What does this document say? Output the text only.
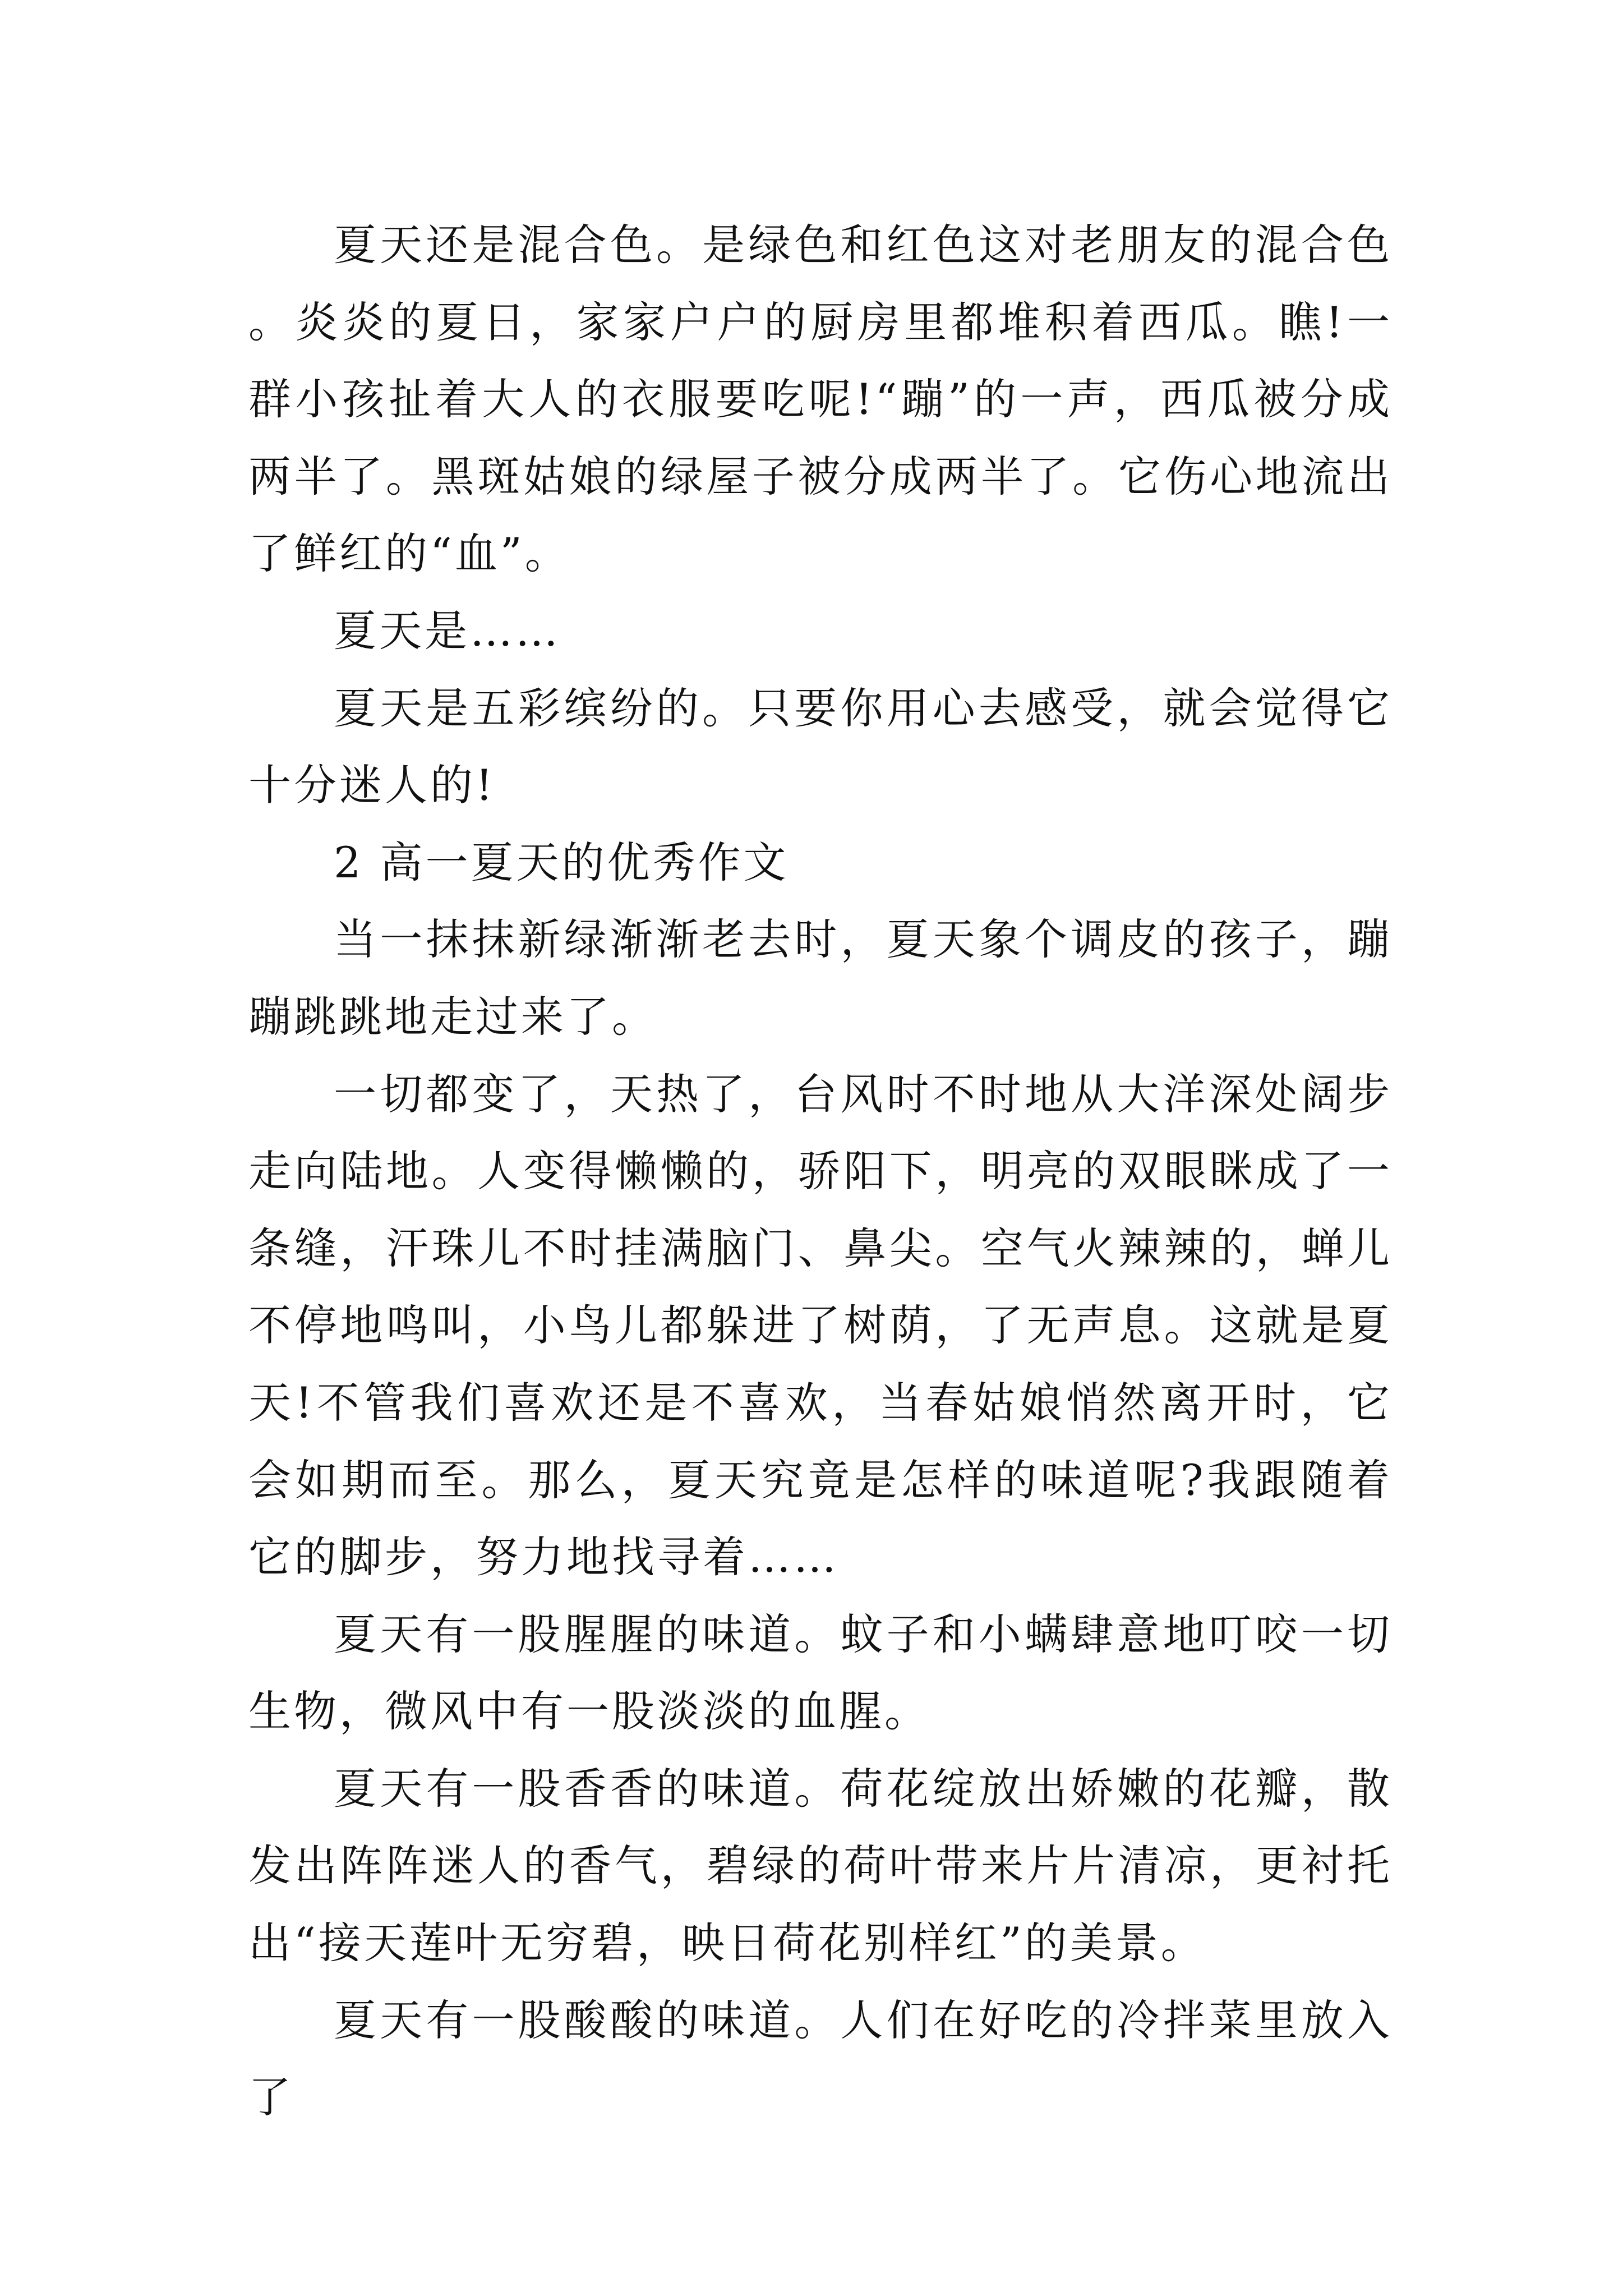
夏天还是混合色。是绿色和红色这对老朋友的混合色。炎炎的夏日，家家户户的厨房里都堆积着西瓜。瞧!一群小孩扯着大人的衣服要吃呢!“蹦”的一声，西瓜被分成两半了。黑斑姑娘的绿屋子被分成两半了。它伤心地流出了鲜红的“血”。

夏天是……

夏天是五彩缤纷的。只要你用心去感受，就会觉得它十分迷人的!

2 高一夏天的优秀作文

当一抹抹新绿渐渐老去时，夏天象个调皮的孩子，蹦蹦跳跳地走过来了。

一切都变了，天热了，台风时不时地从大洋深处阔步走向陆地。人变得懒懒的，骄阳下，明亮的双眼眯成了一条缝，汗珠儿不时挂满脑门、鼻尖。空气火辣辣的，蝉儿不停地鸣叫，小鸟儿都躲进了树荫，了无声息。这就是夏天!不管我们喜欢还是不喜欢，当春姑娘悄然离开时，它会如期而至。那么，夏天究竟是怎样的味道呢?我跟随着它的脚步，努力地找寻着……

夏天有一股腥腥的味道。蚊子和小螨肆意地叮咬一切生物，微风中有一股淡淡的血腥。

夏天有一股香香的味道。荷花绽放出娇嫩的花瓣，散发出阵阵迷人的香气，碧绿的荷叶带来片片清凉，更衬托出“接天莲叶无穷碧，映日荷花别样红”的美景。

夏天有一股酸酸的味道。人们在好吃的冷拌菜里放入了
